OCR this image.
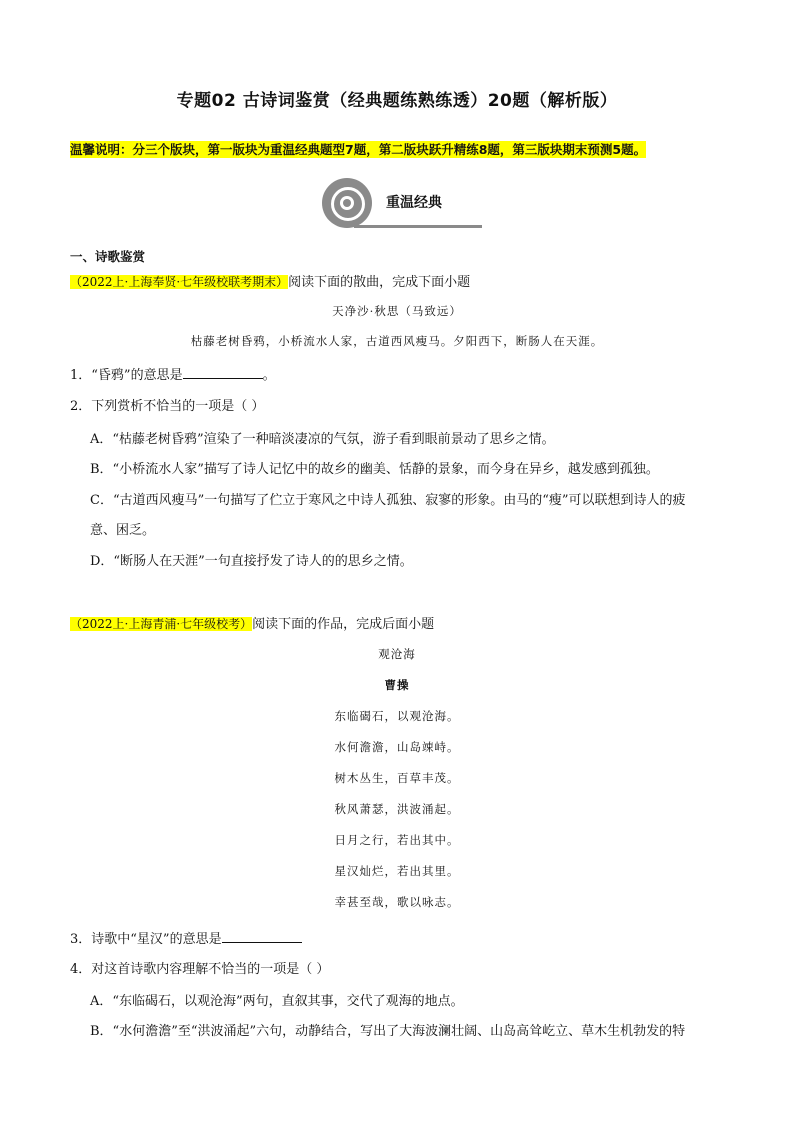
专题02 古诗词鉴赏（经典题练熟练透）20题（解析版）
温馨说明：分三个版块，第一版块为重温经典题型7题，第二版块跃升精练8题，第三版块期末预测5题。
重温经典
一、诗歌鉴赏
（2022上·上海奉贤·七年级校联考期末）阅读下面的散曲，完成下面小题
天净沙·秋思（马致远）
枯藤老树昏鸦，小桥流水人家，古道西风瘦马。夕阳西下，断肠人在天涯。
1．“昏鸦”的意思是	。
2．下列赏析不恰当的一项是（ ）
A．“枯藤老树昏鸦”渲染了一种暗淡凄凉的气氛，游子看到眼前景动了思乡之情。
B．“小桥流水人家”描写了诗人记忆中的故乡的幽美、恬静的景象，而今身在异乡，越发感到孤独。
C．“古道西风瘦马”一句描写了伫立于寒风之中诗人孤独、寂寥的形象。由马的“瘦”可以联想到诗人的疲
意、困乏。
D．“断肠人在天涯”一句直接抒发了诗人的的思乡之情。
（2022上·上海青浦·七年级校考）阅读下面的作品，完成后面小题
观沧海
曹操
东临碣石，以观沧海。
水何澹澹，山岛竦峙。
树木丛生，百草丰茂。
秋风萧瑟，洪波涌起。
日月之行，若出其中。
星汉灿烂，若出其里。
幸甚至哉，歌以咏志。
3．诗歌中“星汉”的意思是
4．对这首诗歌内容理解不恰当的一项是（ ）
A．“东临碣石，以观沧海”两句，直叙其事，交代了观海的地点。
B．“水何澹澹”至“洪波涌起”六句，动静结合，写出了大海波澜壮阔、山岛高耸屹立、草木生机勃发的特
